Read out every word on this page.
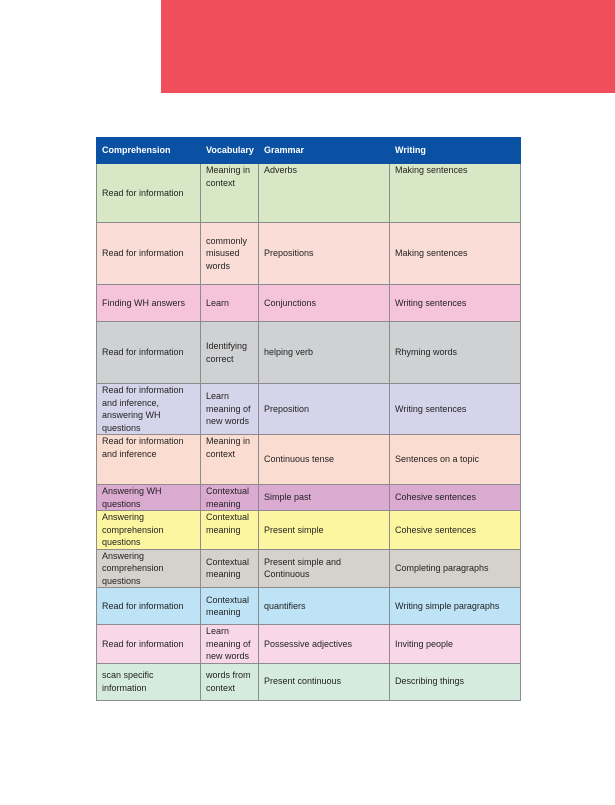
Comprehension	Vocabulary	Grammar	Writing
Read for information	Meaning in context	Adverbs	Making sentences
Read for information	commonly misused words	Prepositions	Making sentences
Finding WH answers	Learn	Conjunctions	Writing sentences
Read for information	Identifying correct	helping verb	Rhyming words
Read for information and inference, answering WH questions	Learn meaning of new words	Preposition	Writing sentences
Read for information and inference	Meaning in context	Continuous tense	Sentences on a topic
Answering WH questions	Contextual meaning	Simple past	Cohesive sentences
Answering comprehension questions	Contextual meaning	Present simple	Cohesive sentences
Answering comprehension questions	Contextual meaning	Present simple and Continuous	Completing paragraphs
Read for information	Contextual meaning	quantifiers	Writing simple paragraphs
Read for information	Learn meaning of new words	Possessive adjectives	Inviting people
scan specific information	words from context	Present continuous	Describing things
